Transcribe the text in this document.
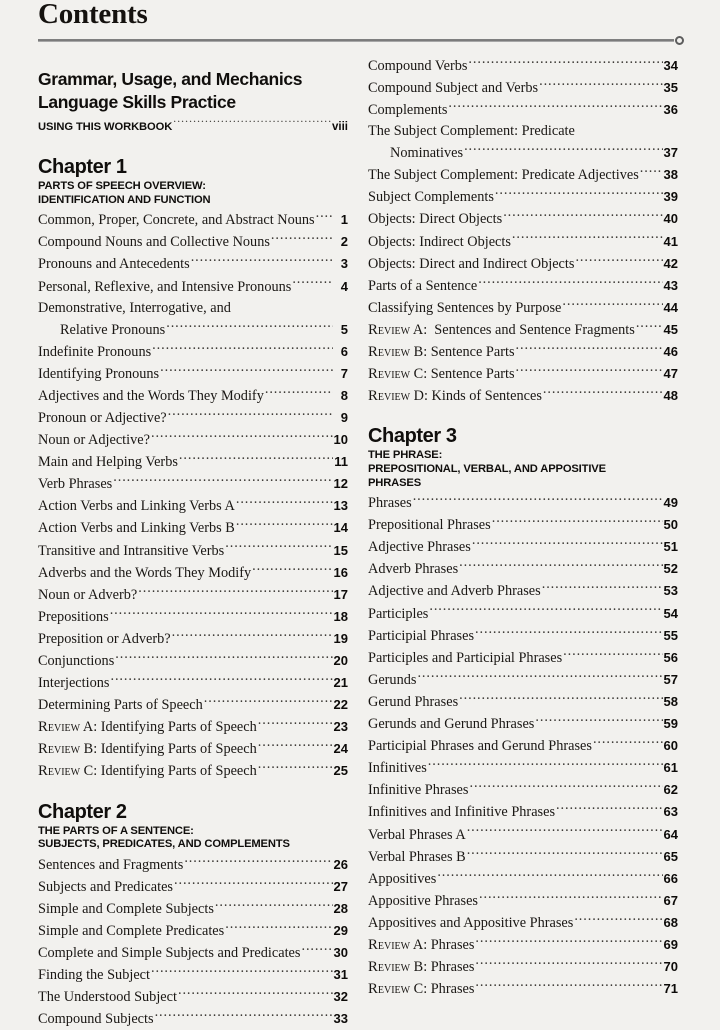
Contents
Grammar, Usage, and Mechanics
Language Skills Practice
USING THIS WORKBOOK .....	viii
Chapter 1
PARTS OF SPEECH OVERVIEW:
IDENTIFICATION AND FUNCTION
Common, Proper, Concrete, and Abstract Nouns .....	1
Compound Nouns and Collective Nouns .....	2
Pronouns and Antecedents .....	3
Personal, Reflexive, and Intensive Pronouns .....	4
Demonstrative, Interrogative, and
Relative Pronouns .....	5
Indefinite Pronouns .....	6
Identifying Pronouns .....	7
Adjectives and the Words They Modify .....	8
Pronoun or Adjective? .....	9
Noun or Adjective? .....	10
Main and Helping Verbs .....	11
Verb Phrases .....	12
Action Verbs and Linking Verbs A .....	13
Action Verbs and Linking Verbs B .....	14
Transitive and Intransitive Verbs .....	15
Adverbs and the Words They Modify .....	16
Noun or Adverb? .....	17
Prepositions .....	18
Preposition or Adverb? .....	19
Conjunctions .....	20
Interjections .....	21
Determining Parts of Speech .....	22
Review A: Identifying Parts of Speech .....	23
Review B: Identifying Parts of Speech .....	24
Review C: Identifying Parts of Speech .....	25
Chapter 2
THE PARTS OF A SENTENCE:
SUBJECTS, PREDICATES, AND COMPLEMENTS
Sentences and Fragments .....	26
Subjects and Predicates .....	27
Simple and Complete Subjects .....	28
Simple and Complete Predicates .....	29
Complete and Simple Subjects and Predicates .....	30
Finding the Subject .....	31
The Understood Subject .....	32
Compound Subjects .....	33
Compound Verbs .....	34
Compound Subject and Verbs .....	35
Complements .....	36
The Subject Complement: Predicate
Nominatives .....	37
The Subject Complement: Predicate Adjectives ..... 38
Subject Complements .....	39
Objects: Direct Objects .....	40
Objects: Indirect Objects .....	41
Objects: Direct and Indirect Objects .....	42
Parts of a Sentence .....	43
Classifying Sentences by Purpose .....	44
Review A:  Sentences and Sentence Fragments ..... 45
Review B: Sentence Parts .....	46
Review C: Sentence Parts .....	47
Review D: Kinds of Sentences .....	48
Chapter 3
THE PHRASE:
PREPOSITIONAL, VERBAL, AND APPOSITIVE
PHRASES
Phrases .....	49
Prepositional Phrases .....	50
Adjective Phrases .....	51
Adverb Phrases .....	52
Adjective and Adverb Phrases .....	53
Participles .....	54
Participial Phrases .....	55
Participles and Participial Phrases .....	56
Gerunds .....	57
Gerund Phrases .....	58
Gerunds and Gerund Phrases .....	59
Participial Phrases and Gerund Phrases .....	60
Infinitives .....	61
Infinitive Phrases .....	62
Infinitives and Infinitive Phrases .....	63
Verbal Phrases A .....	64
Verbal Phrases B .....	65
Appositives .....	66
Appositive Phrases .....	67
Appositives and Appositive Phrases .....	68
Review A: Phrases .....	69
Review B: Phrases .....	70
Review C: Phrases .....	71
